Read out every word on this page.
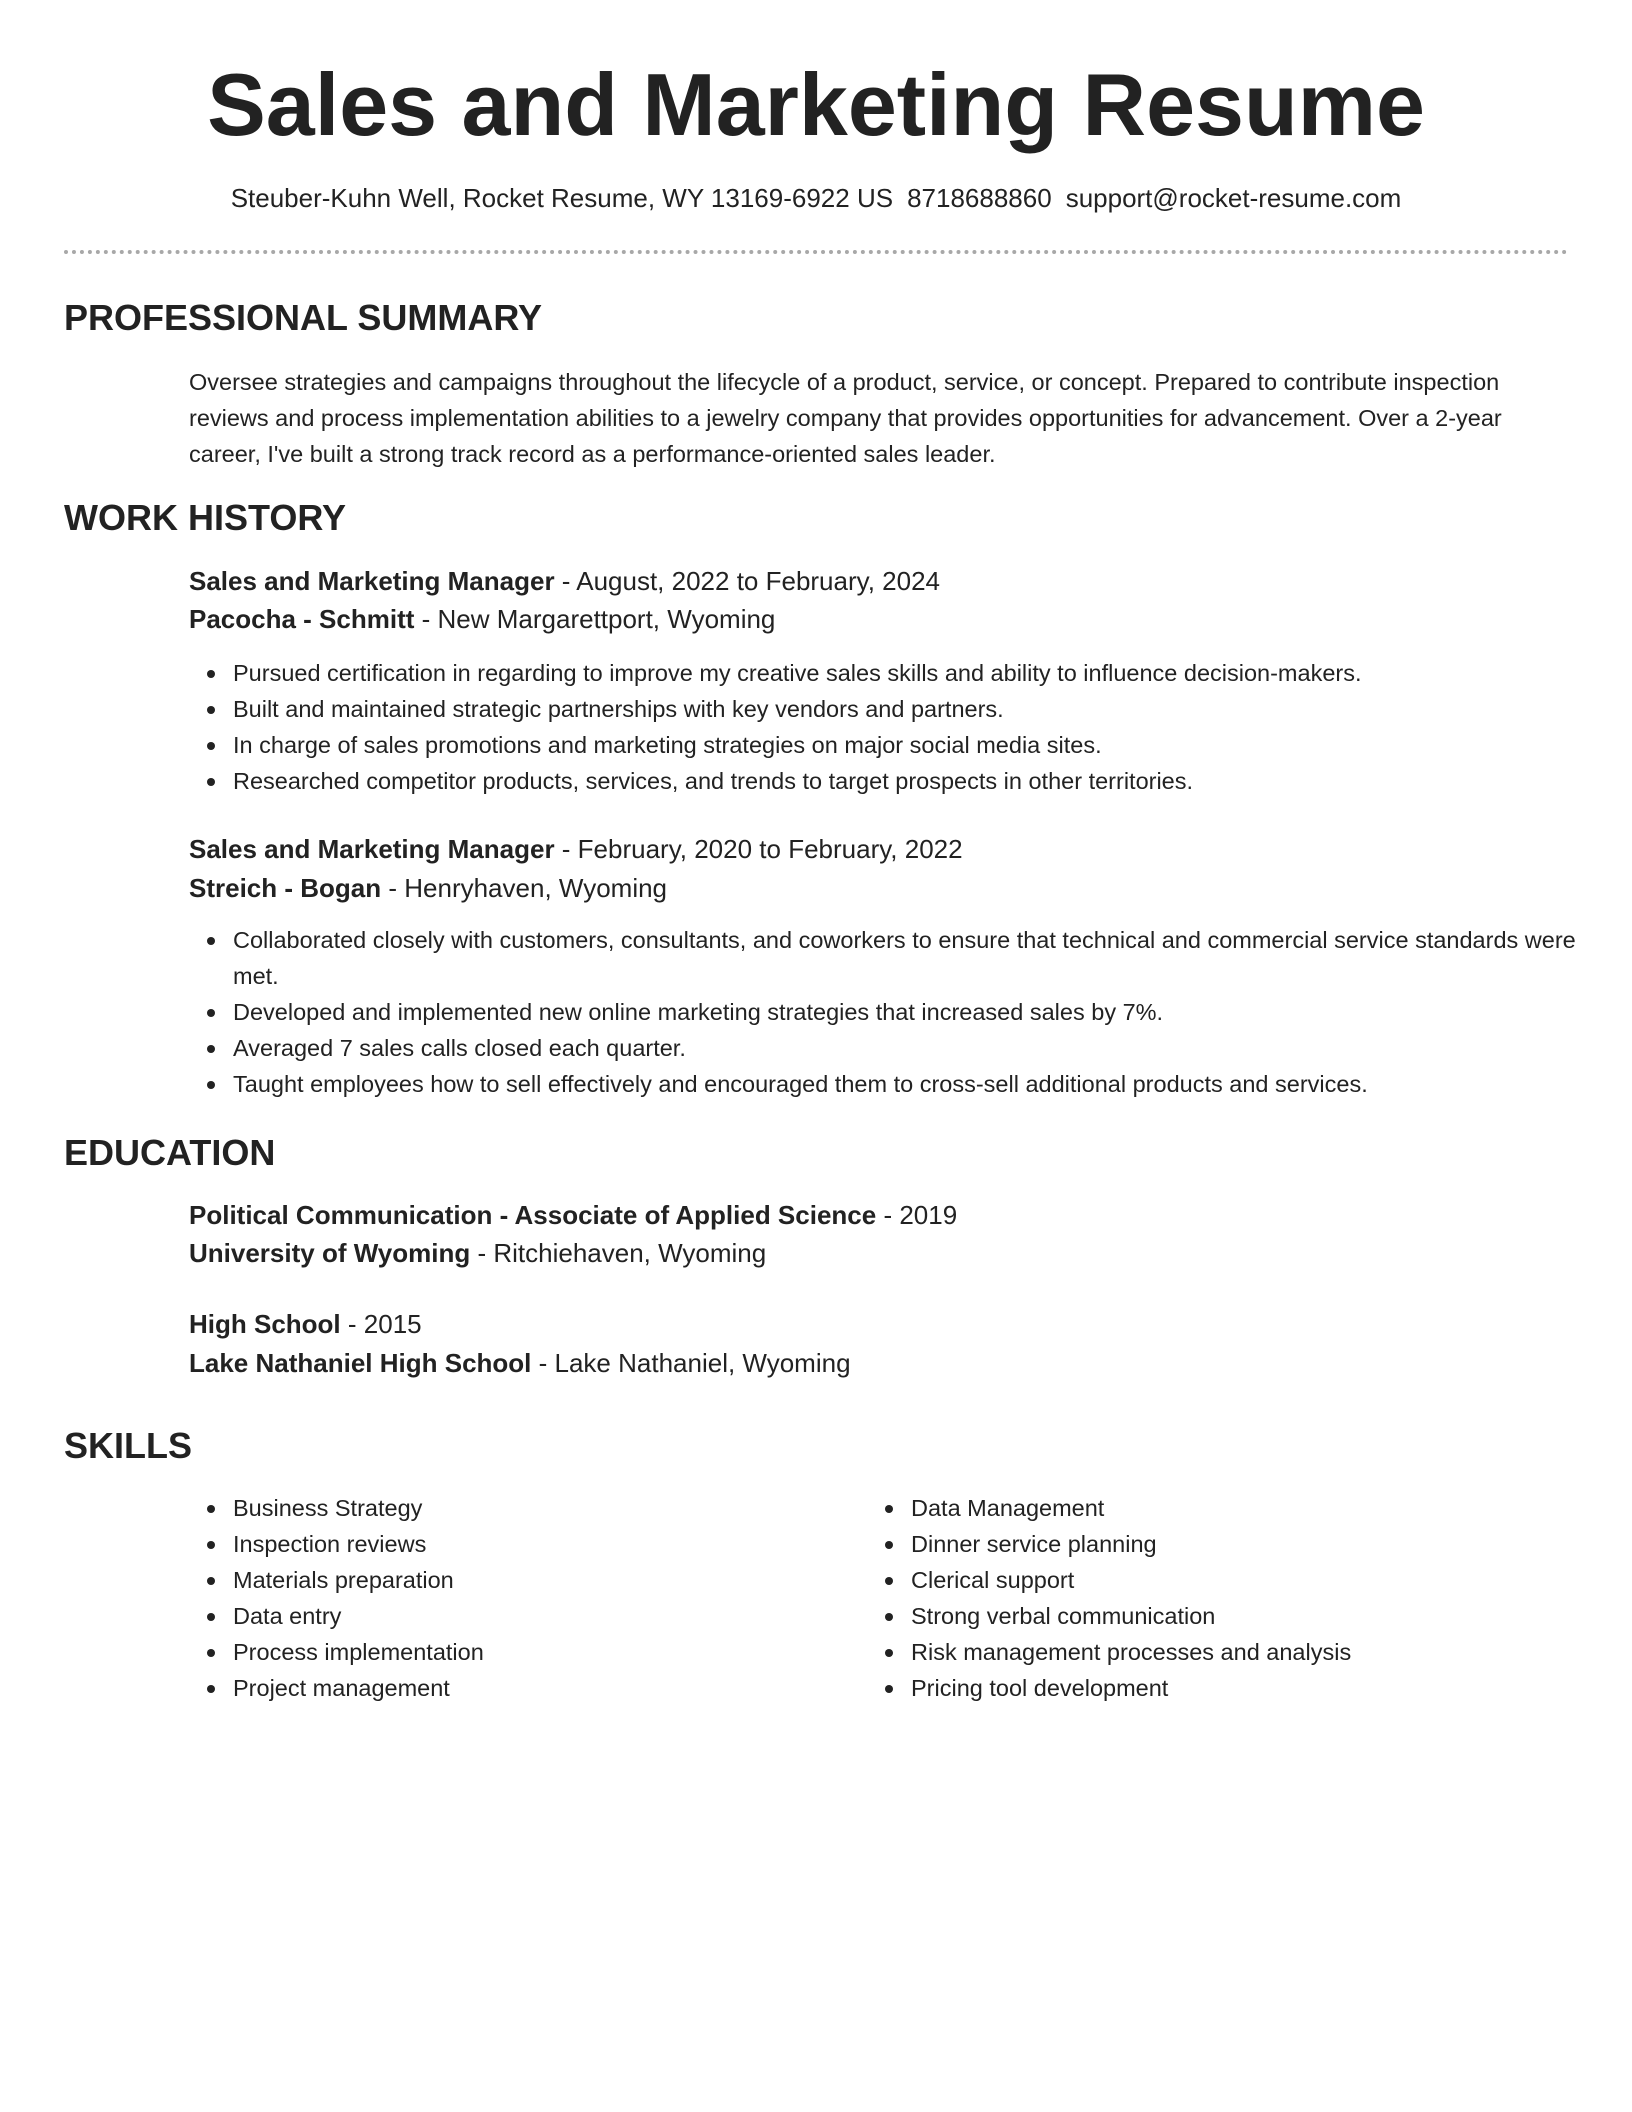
Sales and Marketing Resume
Steuber-Kuhn Well, Rocket Resume, WY 13169-6922 US 8718688860 support@rocket-resume.com
PROFESSIONAL SUMMARY

Oversee strategies and campaigns throughout the lifecycle of a product, service, or concept. Prepared to contribute inspection reviews and process implementation abilities to a jewelry company that provides opportunities for advancement. Over a 2-year career, I've built a strong track record as a performance-oriented sales leader.

WORK HISTORY

Sales and Marketing Manager - August, 2022 to February, 2024

Pacocha - Schmitt - New Margarettport, Wyoming

Pursued certification in regarding to improve my creative sales skills and ability to influence decision-makers.
Built and maintained strategic partnerships with key vendors and partners.
In charge of sales promotions and marketing strategies on major social media sites.
Researched competitor products, services, and trends to target prospects in other territories.

Sales and Marketing Manager - February, 2020 to February, 2022

Streich - Bogan - Henryhaven, Wyoming

Collaborated closely with customers, consultants, and coworkers to ensure that technical and commercial service standards were met.
Developed and implemented new online marketing strategies that increased sales by 7%.
Averaged 7 sales calls closed each quarter.
Taught employees how to sell effectively and encouraged them to cross-sell additional products and services.
EDUCATION

Political Communication - Associate of Applied Science - 2019

University of Wyoming - Ritchiehaven, Wyoming

High School - 2015

Lake Nathaniel High School - Lake Nathaniel, Wyoming

SKILLS
Business Strategy
Inspection reviews
Materials preparation
Data entry
Process implementation
Project management
Data Management
Dinner service planning
Clerical support
Strong verbal communication
Risk management processes and analysis
Pricing tool development
